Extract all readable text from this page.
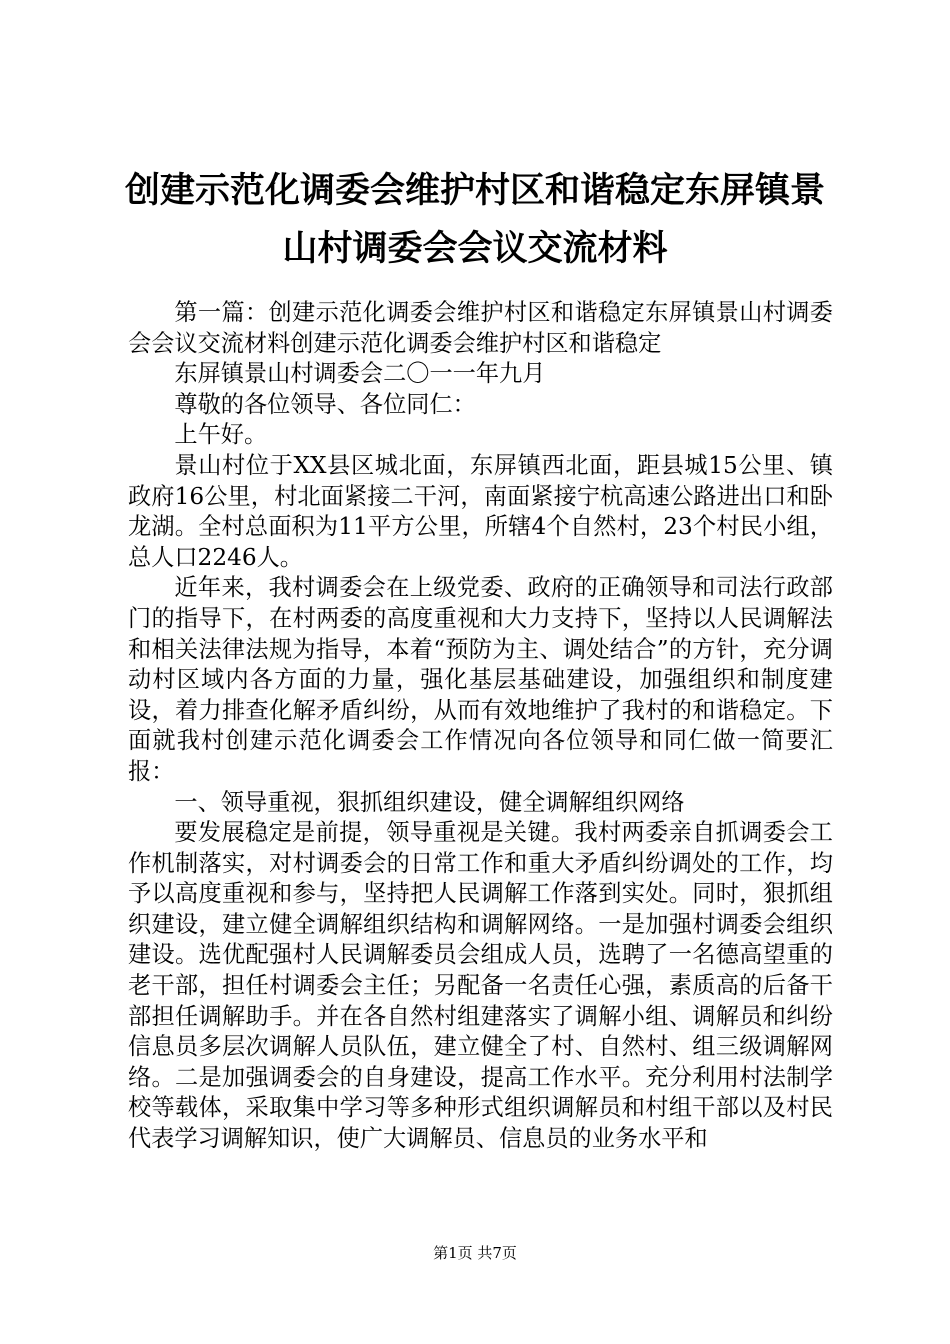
创建示范化调委会维护村区和谐稳定东屏镇景山村调委会会议交流材料

第一篇：创建示范化调委会维护村区和谐稳定东屏镇景山村调委会会议交流材料创建示范化调委会维护村区和谐稳定

东屏镇景山村调委会二〇一一年九月

尊敬的各位领导、各位同仁：

上午好。

景山村位于XX县区城北面，东屏镇西北面，距县城15公里、镇政府16公里，村北面紧接二干河，南面紧接宁杭高速公路进出口和卧龙湖。全村总面积为11平方公里，所辖4个自然村，23个村民小组，总人口2246人。

近年来，我村调委会在上级党委、政府的正确领导和司法行政部门的指导下，在村两委的高度重视和大力支持下，坚持以人民调解法和相关法律法规为指导，本着“预防为主、调处结合”的方针，充分调动村区域内各方面的力量，强化基层基础建设，加强组织和制度建设，着力排查化解矛盾纠纷，从而有效地维护了我村的和谐稳定。下面就我村创建示范化调委会工作情况向各位领导和同仁做一简要汇报：

一、领导重视，狠抓组织建设，健全调解组织网络

要发展稳定是前提，领导重视是关键。我村两委亲自抓调委会工作机制落实，对村调委会的日常工作和重大矛盾纠纷调处的工作，均予以高度重视和参与，坚持把人民调解工作落到实处。同时，狠抓组织建设，建立健全调解组织结构和调解网络。一是加强村调委会组织建设。选优配强村人民调解委员会组成人员，选聘了一名德高望重的老干部，担任村调委会主任；另配备一名责任心强，素质高的后备干部担任调解助手。并在各自然村组建落实了调解小组、调解员和纠纷信息员多层次调解人员队伍，建立健全了村、自然村、组三级调解网络。二是加强调委会的自身建设，提高工作水平。充分利用村法制学校等载体，采取集中学习等多种形式组织调解员和村组干部以及村民代表学习调解知识，使广大调解员、信息员的业务水平和

第1页 共7页
